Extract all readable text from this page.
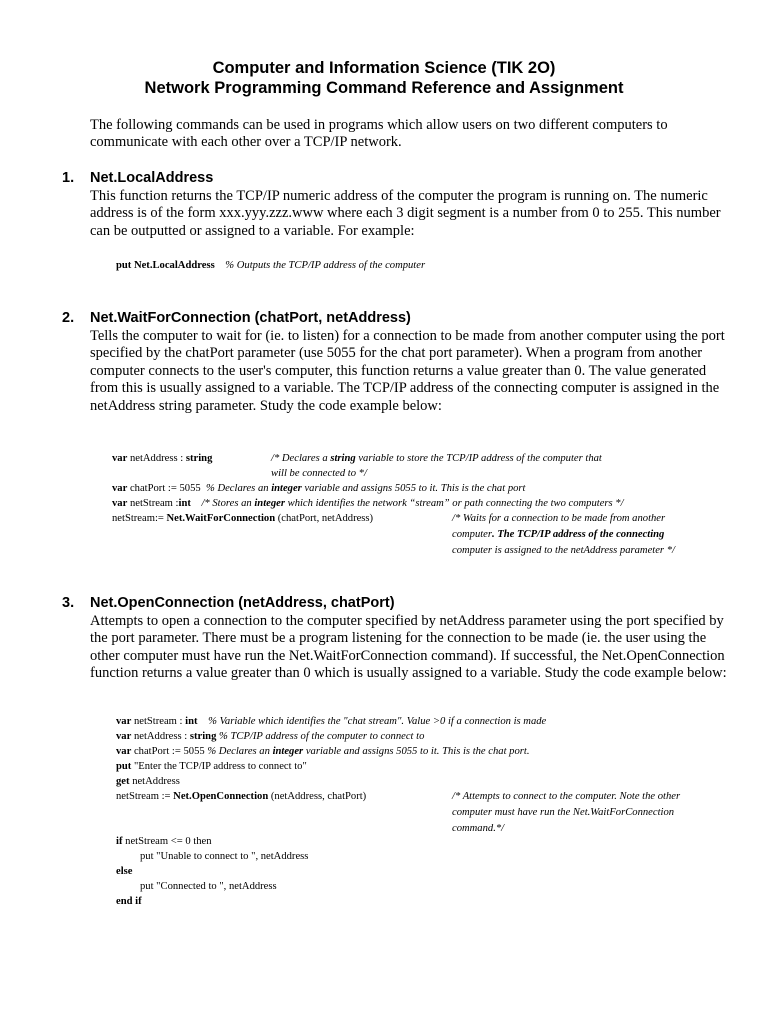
Computer and Information Science (TIK 2O)
Network Programming Command Reference and Assignment
The following commands can be used in programs which allow users on two different computers to communicate with each other over a TCP/IP network.
1. Net.LocalAddress
This function returns the TCP/IP numeric address of the computer the program is running on. The numeric address is of the form xxx.yyy.zzz.www where each 3 digit segment is a number from 0 to 255. This number can be outputted or assigned to a variable. For example:
put Net.LocalAddress % Outputs the TCP/IP address of the computer
2. Net.WaitForConnection (chatPort, netAddress)
Tells the computer to wait for (ie. to listen) for a connection to be made from another computer using the port specified by the chatPort parameter (use 5055 for the chat port parameter). When a program from another computer connects to the user's computer, this function returns a value greater than 0. The value generated from this is usually assigned to a variable. The TCP/IP address of the connecting computer is assigned in the netAddress string parameter. Study the code example below:
var netAddress : string	/* Declares a string variable to store the TCP/IP address of the computer that
will be connected to */
var chatPort := 5055 % Declares an integer variable and assigns 5055 to it. This is the chat port
var netStream :int /* Stores an integer which identifies the network “stream” or path connecting the two computers */
netStream:= Net.WaitForConnection (chatPort, netAddress)	/* Waits for a connection to be made from another
computer. The TCP/IP address of the connecting
computer is assigned to the netAddress parameter */
3. Net.OpenConnection (netAddress, chatPort)
Attempts to open a connection to the computer specified by netAddress parameter using the port specified by the port parameter. There must be a program listening for the connection to be made (ie. the user using the other computer must have run the Net.WaitForConnection command). If successful, the Net.OpenConnection function returns a value greater than 0 which is usually assigned to a variable. Study the code example below:
var netStream : int % Variable which identifies the "chat stream". Value >0 if a connection is made
var netAddress : string % TCP/IP address of the computer to connect to
var chatPort := 5055 % Declares an integer variable and assigns 5055 to it. This is the chat port.
put "Enter the TCP/IP address to connect to"
get netAddress
netStream := Net.OpenConnection (netAddress, chatPort)	/* Attempts to connect to the computer. Note the other
computer must have run the Net.WaitForConnection
command.*/
if netStream <= 0 then
put "Unable to connect to ", netAddress
else
put "Connected to ", netAddress
end if
